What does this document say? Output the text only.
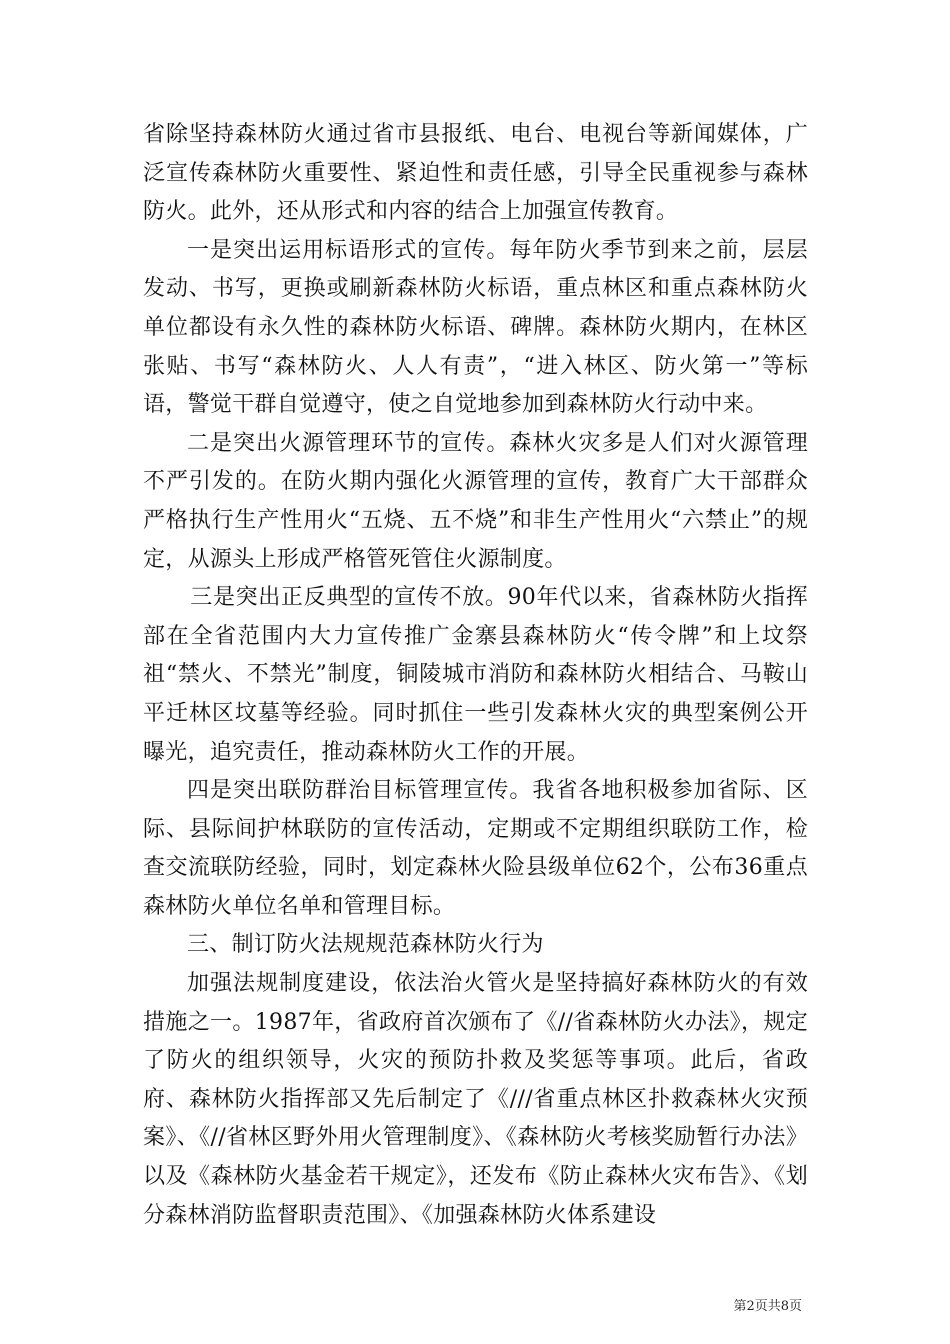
省除坚持森林防火通过省市县报纸、电台、电视台等新闻媒体，广泛宣传森林防火重要性、紧迫性和责任感，引导全民重视参与森林防火。此外，还从形式和内容的结合上加强宣传教育。

一是突出运用标语形式的宣传。每年防火季节到来之前，层层发动、书写，更换或刷新森林防火标语，重点林区和重点森林防火单位都设有永久性的森林防火标语、碑牌。森林防火期内，在林区张贴、书写“森林防火、人人有责”，“进入林区、防火第一”等标语，警觉干群自觉遵守，使之自觉地参加到森林防火行动中来。

二是突出火源管理环节的宣传。森林火灾多是人们对火源管理不严引发的。在防火期内强化火源管理的宣传，教育广大干部群众严格执行生产性用火“五烧、五不烧”和非生产性用火“六禁止”的规定，从源头上形成严格管死管住火源制度。

三是突出正反典型的宣传不放。90年代以来，省森林防火指挥部在全省范围内大力宣传推广金寨县森林防火“传令牌”和上坟祭祖“禁火、不禁光”制度，铜陵城市消防和森林防火相结合、马鞍山平迁林区坟墓等经验。同时抓住一些引发森林火灾的典型案例公开曝光，追究责任，推动森林防火工作的开展。

四是突出联防群治目标管理宣传。我省各地积极参加省际、区际、县际间护林联防的宣传活动，定期或不定期组织联防工作，检查交流联防经验，同时，划定森林火险县级单位62个，公布36重点森林防火单位名单和管理目标。

三、制订防火法规规范森林防火行为

加强法规制度建设，依法治火管火是坚持搞好森林防火的有效措施之一。1987年，省政府首次颁布了《//省森林防火办法》，规定了防火的组织领导，火灾的预防扑救及奖惩等事项。此后，省政府、森林防火指挥部又先后制定了《///省重点林区扑救森林火灾预案》、《//省林区野外用火管理制度》、《森林防火考核奖励暂行办法》以及《森林防火基金若干规定》，还发布《防止森林火灾布告》、《划分森林消防监督职责范围》、《加强森林防火体系建设

第2页共8页
